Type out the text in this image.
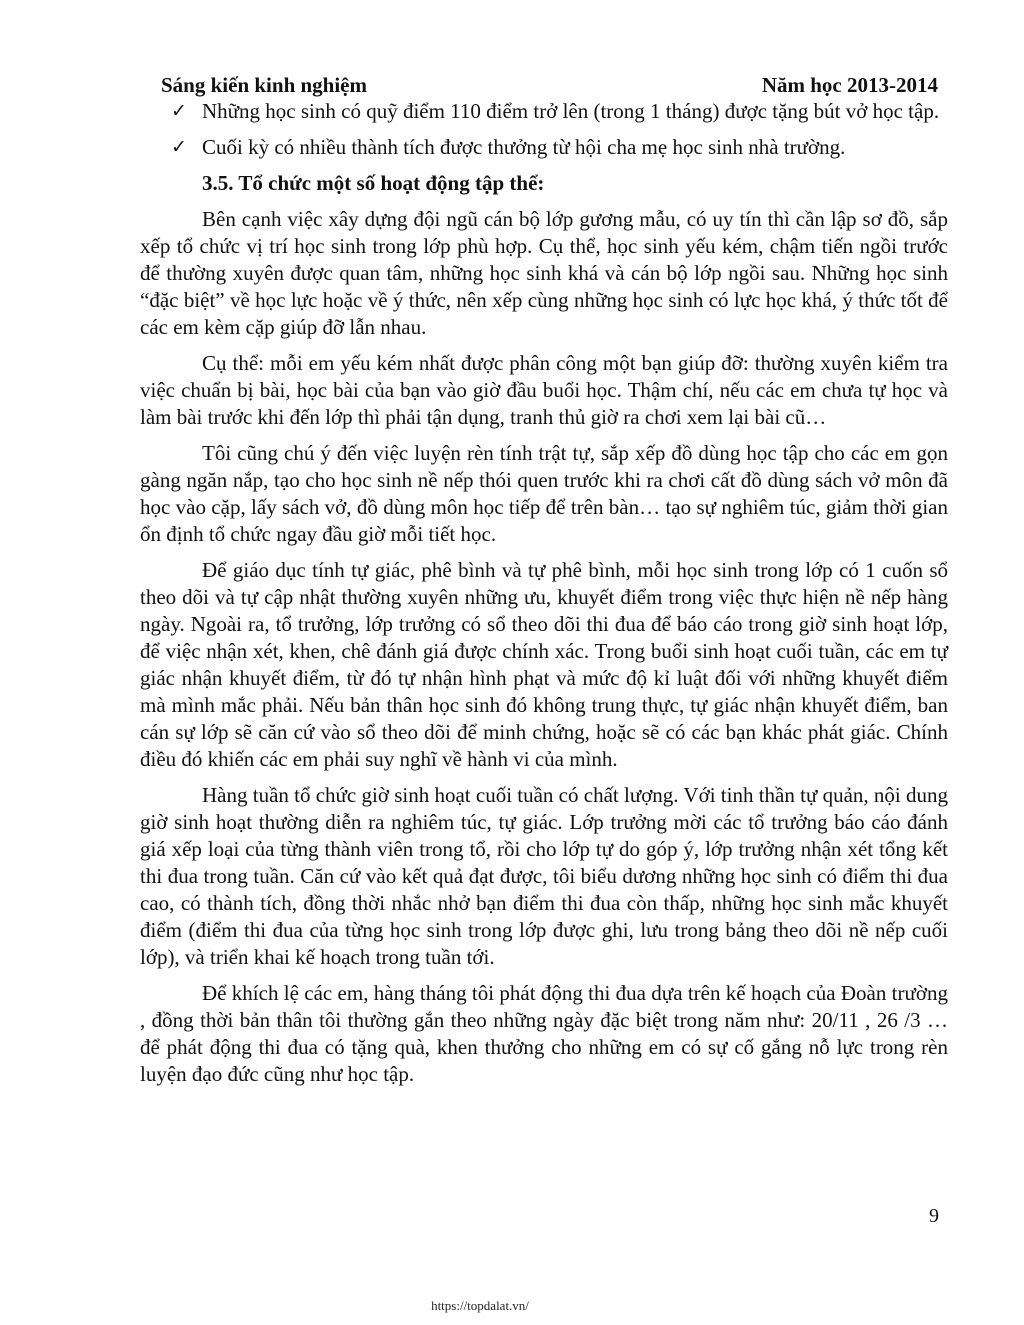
Sáng kiến kinh nghiệm	Năm học 2013-2014
✓ Những học sinh có quỹ điểm 110 điểm trở lên (trong 1 tháng) được tặng bút vở học tập.
✓ Cuối kỳ có nhiều thành tích được thưởng từ hội cha mẹ học sinh nhà trường.
3.5. Tổ chức một số hoạt động tập thể:

Bên cạnh việc xây dựng đội ngũ cán bộ lớp gương mẫu, có uy tín thì cần lập sơ đồ, sắp xếp tổ chức vị trí học sinh trong lớp phù hợp. Cụ thể, học sinh yếu kém, chậm tiến ngồi trước để thường xuyên được quan tâm, những học sinh khá và cán bộ lớp ngồi sau. Những học sinh “đặc biệt” về học lực hoặc về ý thức, nên xếp cùng những học sinh có lực học khá, ý thức tốt để các em kèm cặp giúp đỡ lẫn nhau.

Cụ thể: mỗi em yếu kém nhất được phân công một bạn giúp đỡ: thường xuyên kiểm tra việc chuẩn bị bài, học bài của bạn vào giờ đầu buổi học. Thậm chí, nếu các em chưa tự học và làm bài trước khi đến lớp thì phải tận dụng, tranh thủ giờ ra chơi xem lại bài cũ…

Tôi cũng chú ý đến việc luyện rèn tính trật tự, sắp xếp đồ dùng học tập cho các em gọn gàng ngăn nắp, tạo cho học sinh nề nếp thói quen trước khi ra chơi cất đồ dùng sách vở môn đã học vào cặp, lấy sách vở, đồ dùng môn học tiếp để trên bàn… tạo sự nghiêm túc, giảm thời gian ổn định tổ chức ngay đầu giờ mỗi tiết học.

Để giáo dục tính tự giác, phê bình và tự phê bình, mỗi học sinh trong lớp có 1 cuốn sổ theo dõi và tự cập nhật thường xuyên những ưu, khuyết điểm trong việc thực hiện nề nếp hàng ngày. Ngoài ra, tổ trưởng, lớp trưởng có sổ theo dõi thi đua để báo cáo trong giờ sinh hoạt lớp, để việc nhận xét, khen, chê đánh giá được chính xác. Trong buổi sinh hoạt cuối tuần, các em tự giác nhận khuyết điểm, từ đó tự nhận hình phạt và mức độ kỉ luật đối với những khuyết điểm mà mình mắc phải. Nếu bản thân học sinh đó không trung thực, tự giác nhận khuyết điểm, ban cán sự lớp sẽ căn cứ vào sổ theo dõi để minh chứng, hoặc sẽ có các bạn khác phát giác. Chính điều đó khiến các em phải suy nghĩ về hành vi của mình.

Hàng tuần tổ chức giờ sinh hoạt cuối tuần có chất lượng. Với tinh thần tự quản, nội dung giờ sinh hoạt thường diễn ra nghiêm túc, tự giác. Lớp trưởng mời các tổ trưởng báo cáo đánh giá xếp loại của từng thành viên trong tổ, rồi cho lớp tự do góp ý, lớp trưởng nhận xét tổng kết thi đua trong tuần. Căn cứ vào kết quả đạt được, tôi biểu dương những học sinh có điểm thi đua cao, có thành tích, đồng thời nhắc nhở bạn điểm thi đua còn thấp, những học sinh mắc khuyết điểm (điểm thi đua của từng học sinh trong lớp được ghi, lưu trong bảng theo dõi nề nếp cuối lớp), và triển khai kế hoạch trong tuần tới.

Để khích lệ các em, hàng tháng tôi phát động thi đua dựa trên kế hoạch của Đoàn trường , đồng thời bản thân tôi thường gắn theo những ngày đặc biệt trong năm như: 20/11 , 26 /3 … để phát động thi đua có tặng quà, khen thưởng cho những em có sự cố gắng nỗ lực trong rèn luyện đạo đức cũng như học tập.

9
https://topdalat.vn/
